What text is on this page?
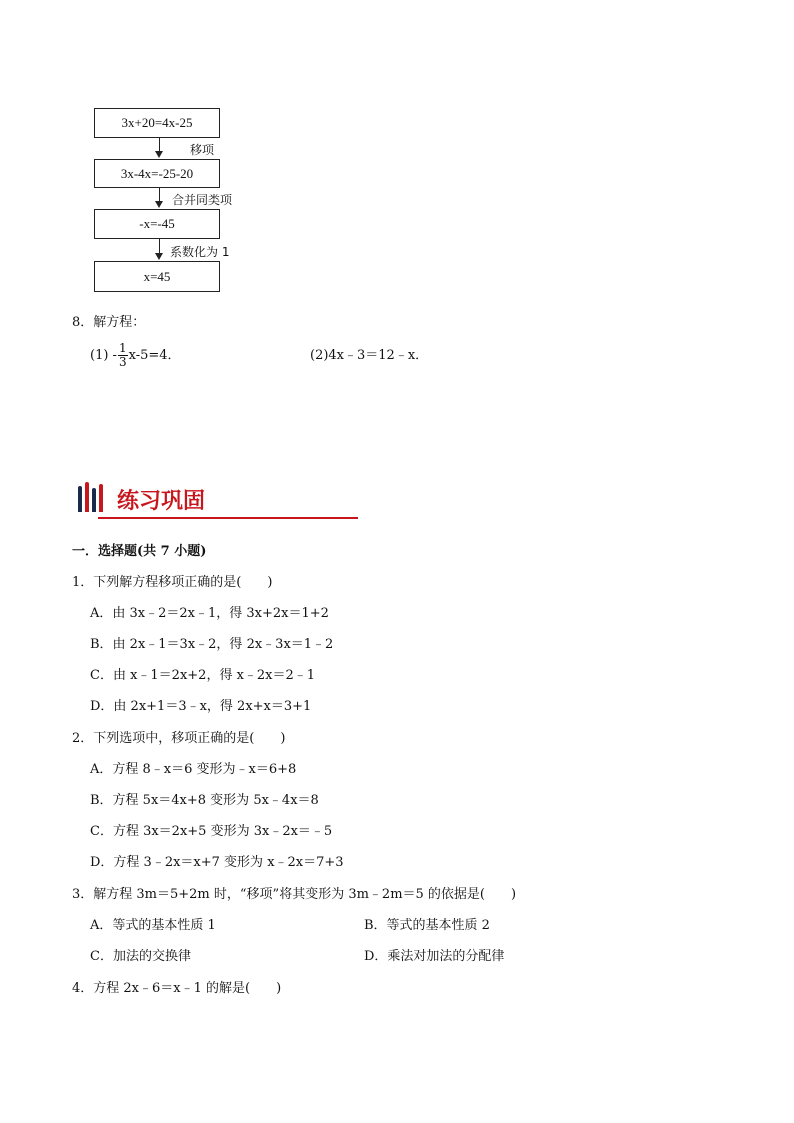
3x+20=4x-25
移项
3x-4x=-25-20
合并同类项
-x=-45
系数化为 1
x=45
8．解方程：
$(1) - \frac{1}{3} x-5=4$．	(2)4x﹣3＝12﹣x．
练习巩固
一．选择题(共 7 小题)
1．下列解方程移项正确的是(　　)
A．由 3x﹣2＝2x﹣1，得 3x+2x＝1+2
B．由 2x﹣1＝3x﹣2，得 2x﹣3x＝1﹣2
C．由 x﹣1＝2x+2，得 x﹣2x＝2﹣1
D．由 2x+1＝3﹣x，得 2x+x＝3+1
2．下列选项中，移项正确的是(　　)
A．方程 8﹣x＝6 变形为﹣x＝6+8
B．方程 5x＝4x+8 变形为 5x﹣4x＝8
C．方程 3x＝2x+5 变形为 3x﹣2x＝﹣5
D．方程 3﹣2x＝x+7 变形为 x﹣2x＝7+3
3．解方程 3m＝5+2m 时，“移项”将其变形为 3m﹣2m＝5 的依据是(　　)
A．等式的基本性质 1	B．等式的基本性质 2
C．加法的交换律	D．乘法对加法的分配律
4．方程 2x﹣6＝x﹣1 的解是(　　)
